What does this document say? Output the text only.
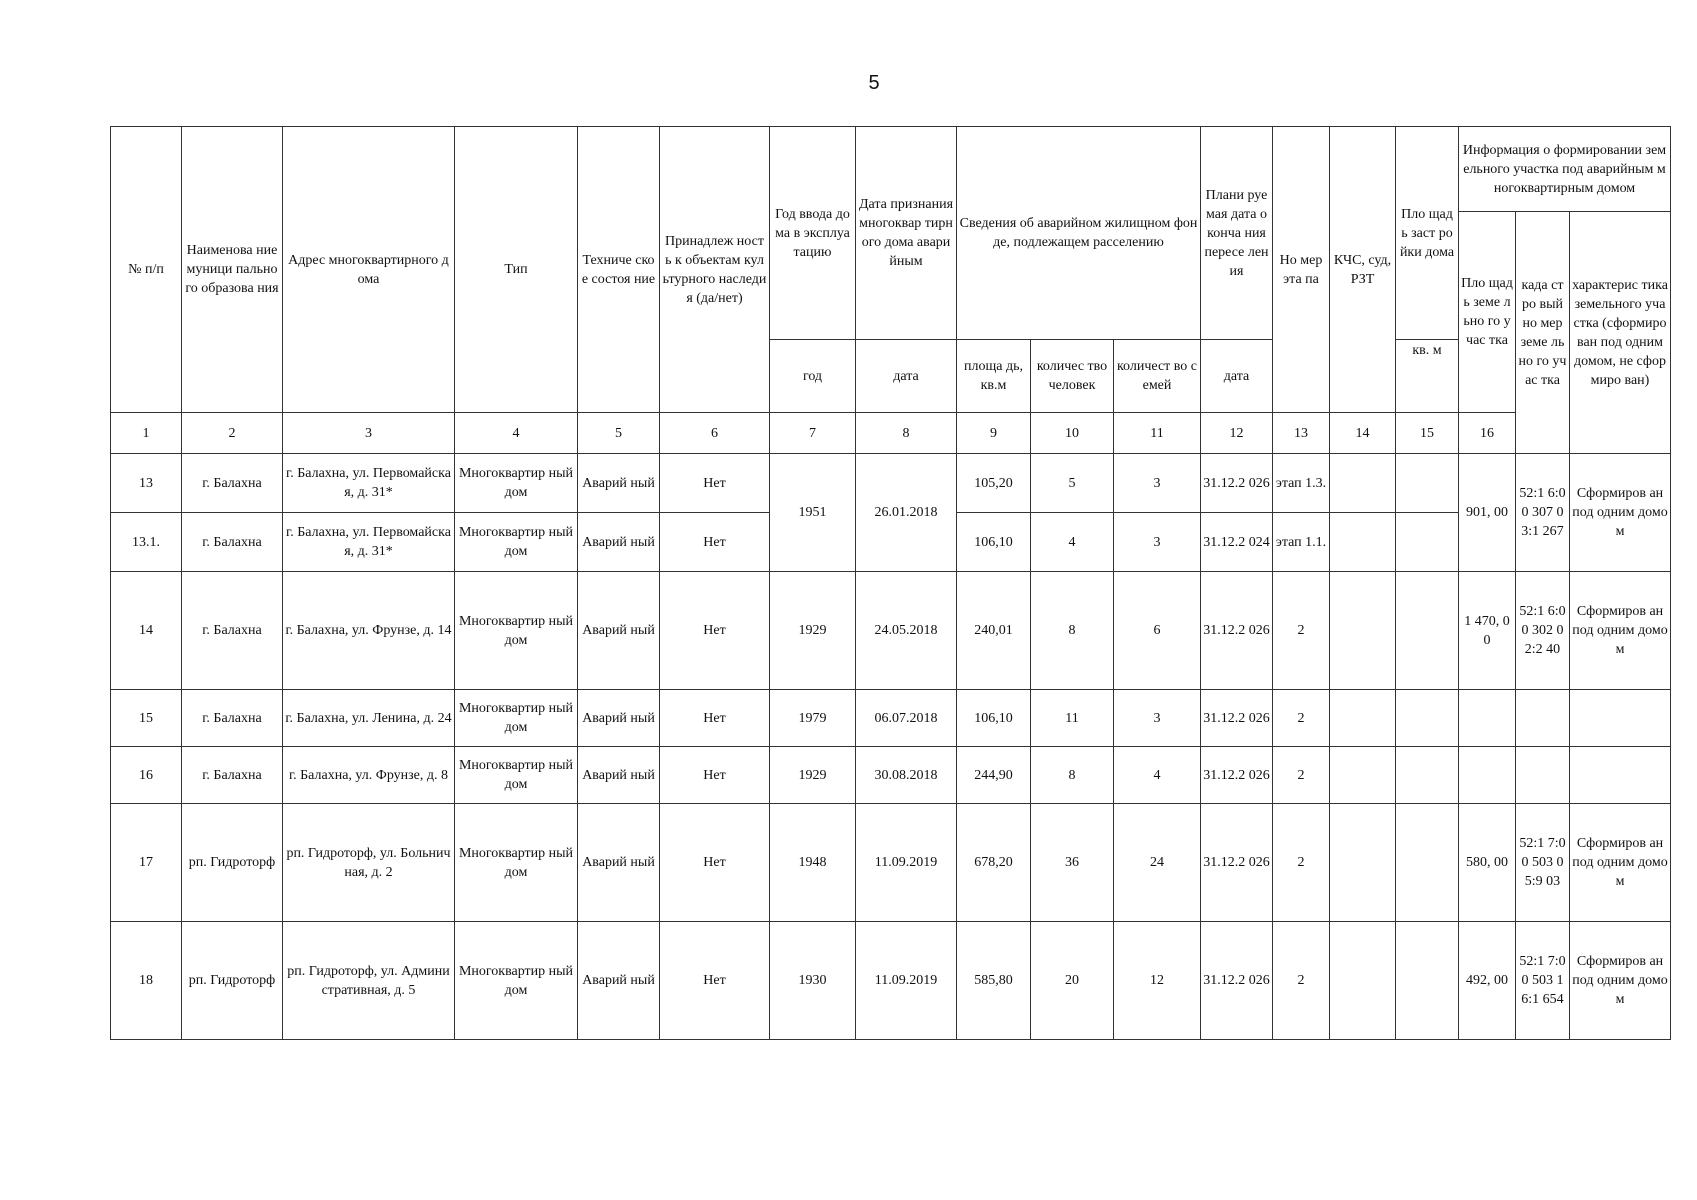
5
№ п/п	Наименова ние муници пального образова ния	Адрес многоквартирного дома	Тип	Техниче ское состоя ние	Принадлеж ность к объектам культурного наследия (да/нет)	Год ввода дома в эксплуа тацию	Дата признания многоквар тирного дома аварийным	Сведения об аварийном жилищном фонде, подлежащем расселению			Плани руемая дата оконча ния пересе ления	Но мер эта па	КЧС, суд, РЗТ	Пло щадь заст ройки дома	Информация о формировании земельного участка под аварийным многоквартирным домом			
															Пло щадь земе льно го учас тка	када стро вый но мер земе льно го учас тка	характерис тика земельного участка (сформиро ван под одним домом, не сформиро ван)	
						год	дата	площа дь, кв.м	количес тво человек	количест во семей	дата			кв. м				
1	2	3	4	5	6	7	8	9	10	11	12	13	14	15	16		
13	г. Балахна	г. Балахна, ул. Первомайская, д. 31*	Многоквартир ный дом	Аварий ный	Нет	1951	26.01.2018	105,20	5	3	31.12.2 026	этап 1.3.			901, 00	52:1 6:00 307 03:1 267	Сформиров ан под одним домом	
13.1.	г. Балахна	г. Балахна, ул. Первомайская, д. 31*	Многоквартир ный дом	Аварий ный	Нет			106,10	4	3	31.12.2 024	этап 1.1.						
14	г. Балахна	г. Балахна, ул. Фрунзе, д. 14	Многоквартир ный дом	Аварий ный	Нет	1929	24.05.2018	240,01	8	6	31.12.2 026	2			1 470, 00	52:1 6:00 302 02:2 40	Сформиров ан под одним домом	
15	г. Балахна	г. Балахна, ул. Ленина, д. 24	Многоквартир ный дом	Аварий ный	Нет	1979	06.07.2018	106,10	11	3	31.12.2 026	2						
16	г. Балахна	г. Балахна, ул. Фрунзе, д. 8	Многоквартир ный дом	Аварий ный	Нет	1929	30.08.2018	244,90	8	4	31.12.2 026	2						
17	рп. Гидроторф	рп. Гидроторф, ул. Больничная, д. 2	Многоквартир ный дом	Аварий ный	Нет	1948	11.09.2019	678,20	36	24	31.12.2 026	2			580, 00	52:1 7:00 503 05:9 03	Сформиров ан под одним домом	
18	рп. Гидроторф	рп. Гидроторф, ул. Административная, д. 5	Многоквартир ный дом	Аварий ный	Нет	1930	11.09.2019	585,80	20	12	31.12.2 026	2			492, 00	52:1 7:00 503 16:1 654	Сформиров ан под одним домом	
